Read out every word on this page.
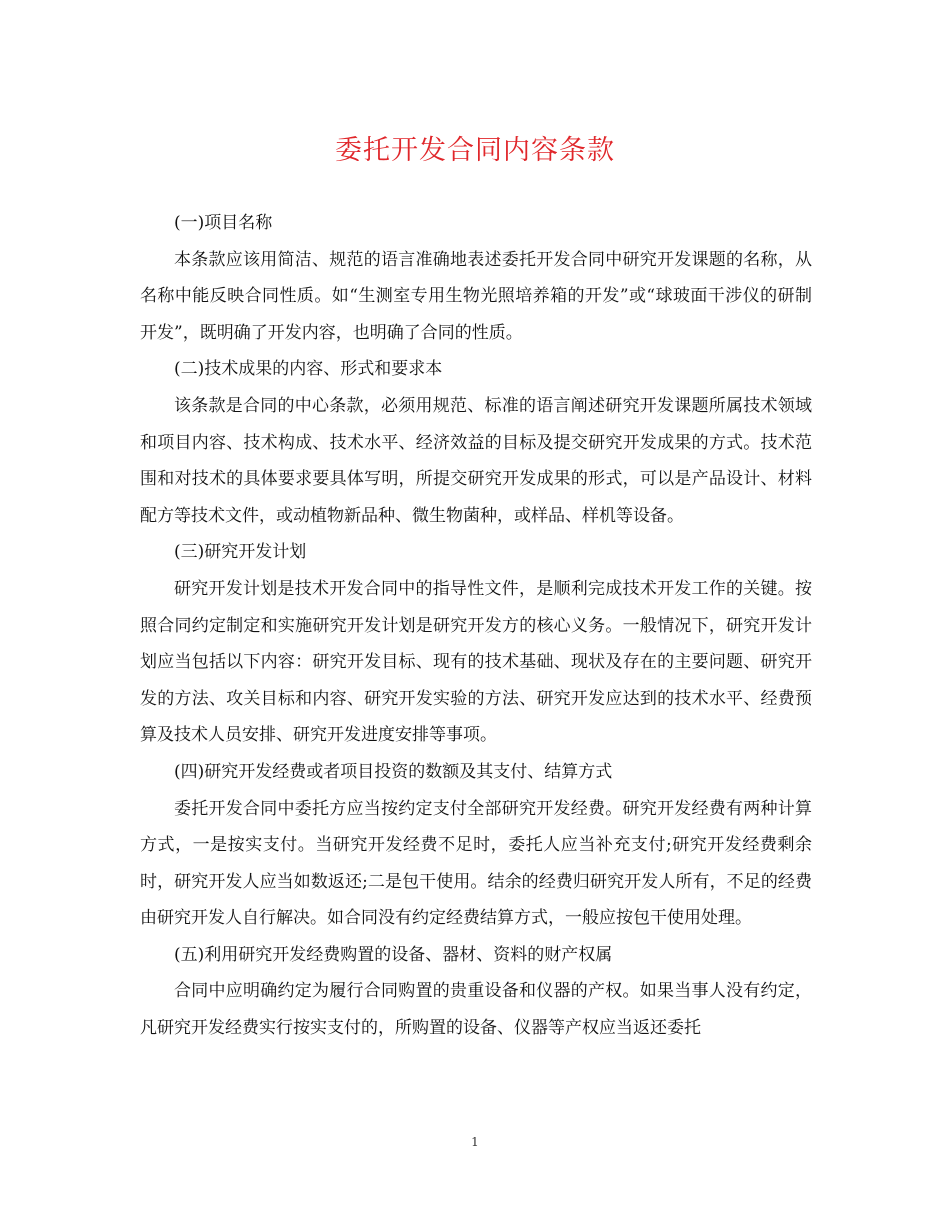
委托开发合同内容条款

(一)项目名称

本条款应该用简洁、规范的语言准确地表述委托开发合同中研究开发课题的名称，从名称中能反映合同性质。如“生测室专用生物光照培养箱的开发”或“球玻面干涉仪的研制开发”，既明确了开发内容，也明确了合同的性质。

(二)技术成果的内容、形式和要求本

该条款是合同的中心条款，必须用规范、标准的语言阐述研究开发课题所属技术领域和项目内容、技术构成、技术水平、经济效益的目标及提交研究开发成果的方式。技术范围和对技术的具体要求要具体写明，所提交研究开发成果的形式，可以是产品设计、材料配方等技术文件，或动植物新品种、微生物菌种，或样品、样机等设备。

(三)研究开发计划

研究开发计划是技术开发合同中的指导性文件，是顺利完成技术开发工作的关键。按照合同约定制定和实施研究开发计划是研究开发方的核心义务。一般情况下，研究开发计划应当包括以下内容：研究开发目标、现有的技术基础、现状及存在的主要问题、研究开发的方法、攻关目标和内容、研究开发实验的方法、研究开发应达到的技术水平、经费预算及技术人员安排、研究开发进度安排等事项。

(四)研究开发经费或者项目投资的数额及其支付、结算方式

委托开发合同中委托方应当按约定支付全部研究开发经费。研究开发经费有两种计算方式，一是按实支付。当研究开发经费不足时，委托人应当补充支付;研究开发经费剩余时，研究开发人应当如数返还;二是包干使用。结余的经费归研究开发人所有，不足的经费由研究开发人自行解决。如合同没有约定经费结算方式，一般应按包干使用处理。

(五)利用研究开发经费购置的设备、器材、资料的财产权属

合同中应明确约定为履行合同购置的贵重设备和仪器的产权。如果当事人没有约定，凡研究开发经费实行按实支付的，所购置的设备、仪器等产权应当返还委托

1
